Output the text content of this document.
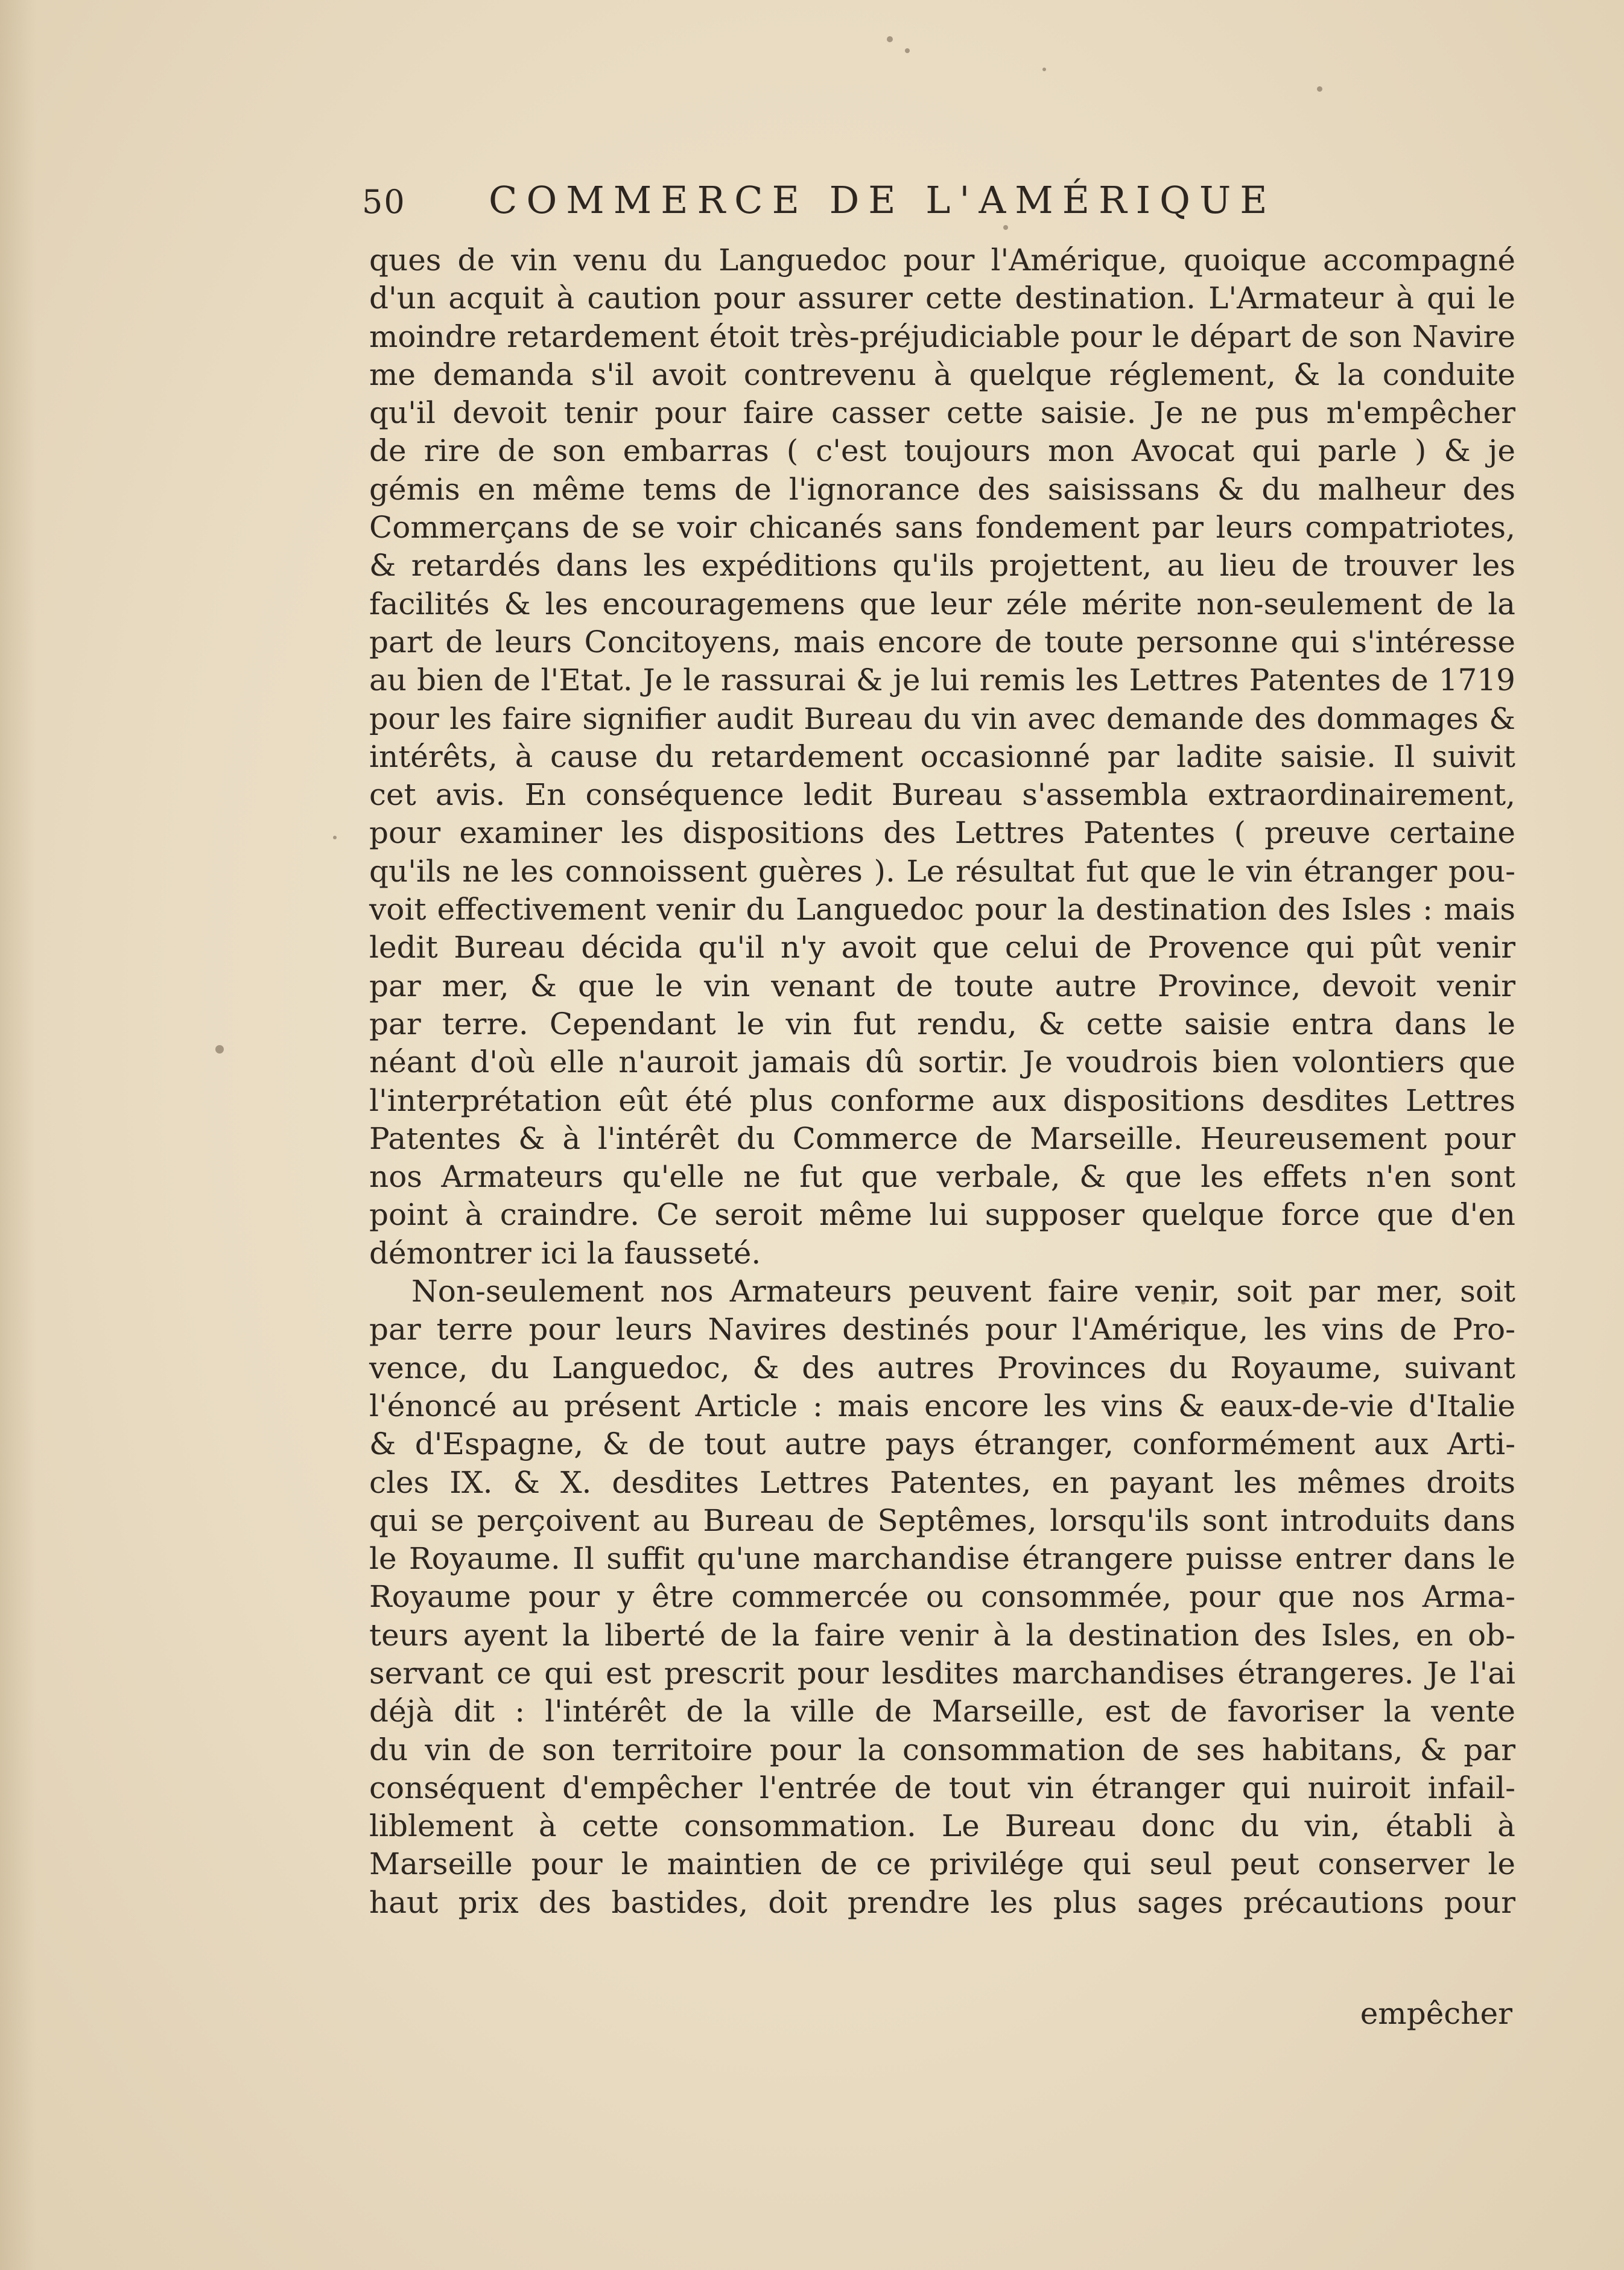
50 COMMERCE DE L'AMÉRIQUE
ques de vin venu du Languedoc pour l'Amérique, quoique accompagné
d'un acquit à caution pour assurer cette destination. L'Armateur à qui le
moindre retardement étoit très-préjudiciable pour le départ de son Navire
me demanda s'il avoit contrevenu à quelque réglement, & la conduite
qu'il devoit tenir pour faire casser cette saisie. Je ne pus m'empêcher
de rire de son embarras ( c'est toujours mon Avocat qui parle ) & je
gémis en même tems de l'ignorance des saisissans & du malheur des
Commerçans de se voir chicanés sans fondement par leurs compatriotes,
& retardés dans les expéditions qu'ils projettent, au lieu de trouver les
facilités & les encouragemens que leur zéle mérite non-seulement de la
part de leurs Concitoyens, mais encore de toute personne qui s'intéresse
au bien de l'Etat. Je le rassurai & je lui remis les Lettres Patentes de 1719
pour les faire signifier audit Bureau du vin avec demande des dommages &
intérêts, à cause du retardement occasionné par ladite saisie. Il suivit
cet avis. En conséquence ledit Bureau s'assembla extraordinairement,
pour examiner les dispositions des Lettres Patentes ( preuve certaine
qu'ils ne les connoissent guères ). Le résultat fut que le vin étranger pou-
voit effectivement venir du Languedoc pour la destination des Isles : mais
ledit Bureau décida qu'il n'y avoit que celui de Provence qui pût venir
par mer, & que le vin venant de toute autre Province, devoit venir
par terre. Cependant le vin fut rendu, & cette saisie entra dans le
néant d'où elle n'auroit jamais dû sortir. Je voudrois bien volontiers que
l'interprétation eût été plus conforme aux dispositions desdites Lettres
Patentes & à l'intérêt du Commerce de Marseille. Heureusement pour
nos Armateurs qu'elle ne fut que verbale, & que les effets n'en sont
point à craindre. Ce seroit même lui supposer quelque force que d'en
démontrer ici la fausseté.
Non-seulement nos Armateurs peuvent faire venir, soit par mer, soit
par terre pour leurs Navires destinés pour l'Amérique, les vins de Pro-
vence, du Languedoc, & des autres Provinces du Royaume, suivant
l'énoncé au présent Article : mais encore les vins & eaux-de-vie d'Italie
& d'Espagne, & de tout autre pays étranger, conformément aux Arti-
cles IX. & X. desdites Lettres Patentes, en payant les mêmes droits
qui se perçoivent au Bureau de Septêmes, lorsqu'ils sont introduits dans
le Royaume. Il suffit qu'une marchandise étrangere puisse entrer dans le
Royaume pour y être commercée ou consommée, pour que nos Arma-
teurs ayent la liberté de la faire venir à la destination des Isles, en ob-
servant ce qui est prescrit pour lesdites marchandises étrangeres. Je l'ai
déjà dit : l'intérêt de la ville de Marseille, est de favoriser la vente
du vin de son territoire pour la consommation de ses habitans, & par
conséquent d'empêcher l'entrée de tout vin étranger qui nuiroit infail-
liblement à cette consommation. Le Bureau donc du vin, établi à
Marseille pour le maintien de ce privilége qui seul peut conserver le
haut prix des bastides, doit prendre les plus sages précautions pour
empêcher
